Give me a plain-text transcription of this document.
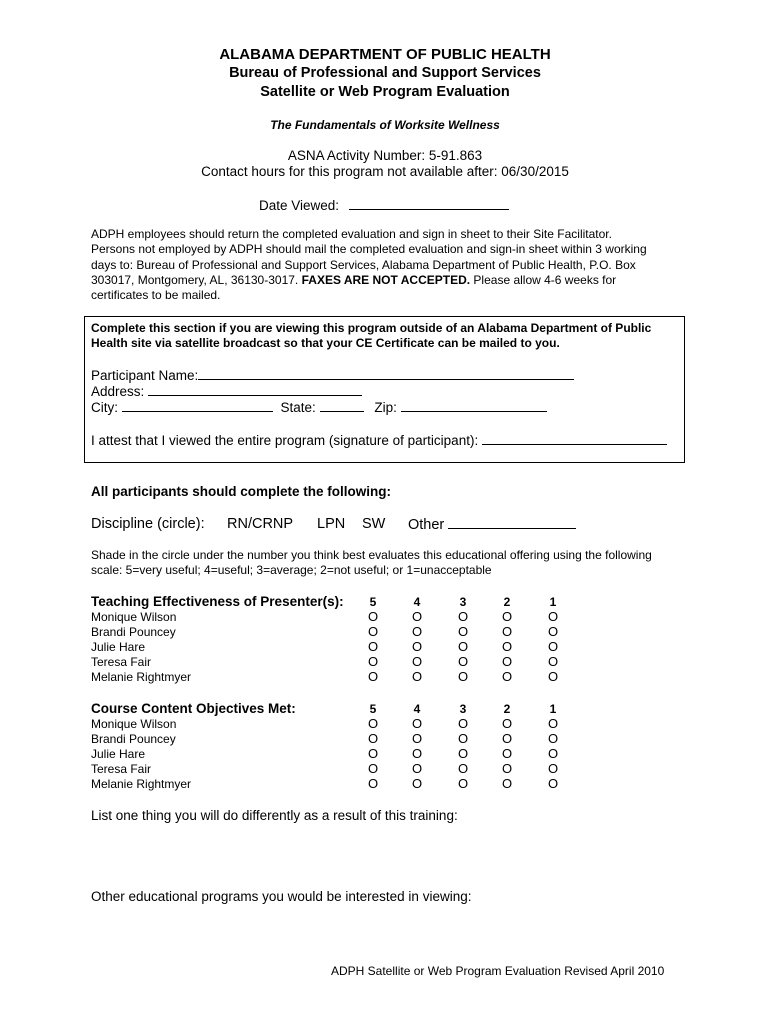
ALABAMA DEPARTMENT OF PUBLIC HEALTH
Bureau of Professional and Support Services
Satellite or Web Program Evaluation
The Fundamentals of Worksite Wellness
ASNA Activity Number: 5-91.863
Contact hours for this program not available after: 06/30/2015
Date Viewed:
ADPH employees should return the completed evaluation and sign in sheet to their Site Facilitator.
Persons not employed by ADPH should mail the completed evaluation and sign-in sheet within 3 working
days to: Bureau of Professional and Support Services, Alabama Department of Public Health, P.O. Box
303017, Montgomery, AL, 36130-3017. FAXES ARE NOT ACCEPTED. Please allow 4-6 weeks for
certificates to be mailed.
Complete this section if you are viewing this program outside of an Alabama Department of Public
Health site via satellite broadcast so that your CE Certificate can be mailed to you.
Participant Name:
Address:
City:	State:	Zip:
I attest that I viewed the entire program (signature of participant):
All participants should complete the following:
Discipline (circle): RN/CRNP LPN SW Other
Shade in the circle under the number you think best evaluates this educational offering using the following
scale: 5=very useful; 4=useful; 3=average; 2=not useful; or 1=unacceptable
Teaching Effectiveness of Presenter(s):	5	4	3	2	1
Monique Wilson	O	O	O	O	O
Brandi Pouncey	O	O	O	O	O
Julie Hare	O	O	O	O	O
Teresa Fair	O	O	O	O	O
Melanie Rightmyer	O	O	O	O	O
Course Content Objectives Met:	5	4	3	2	1
Monique Wilson	O	O	O	O	O
Brandi Pouncey	O	O	O	O	O
Julie Hare	O	O	O	O	O
Teresa Fair	O	O	O	O	O
Melanie Rightmyer	O	O	O	O	O
List one thing you will do differently as a result of this training:
Other educational programs you would be interested in viewing:
ADPH Satellite or Web Program Evaluation Revised April 2010
